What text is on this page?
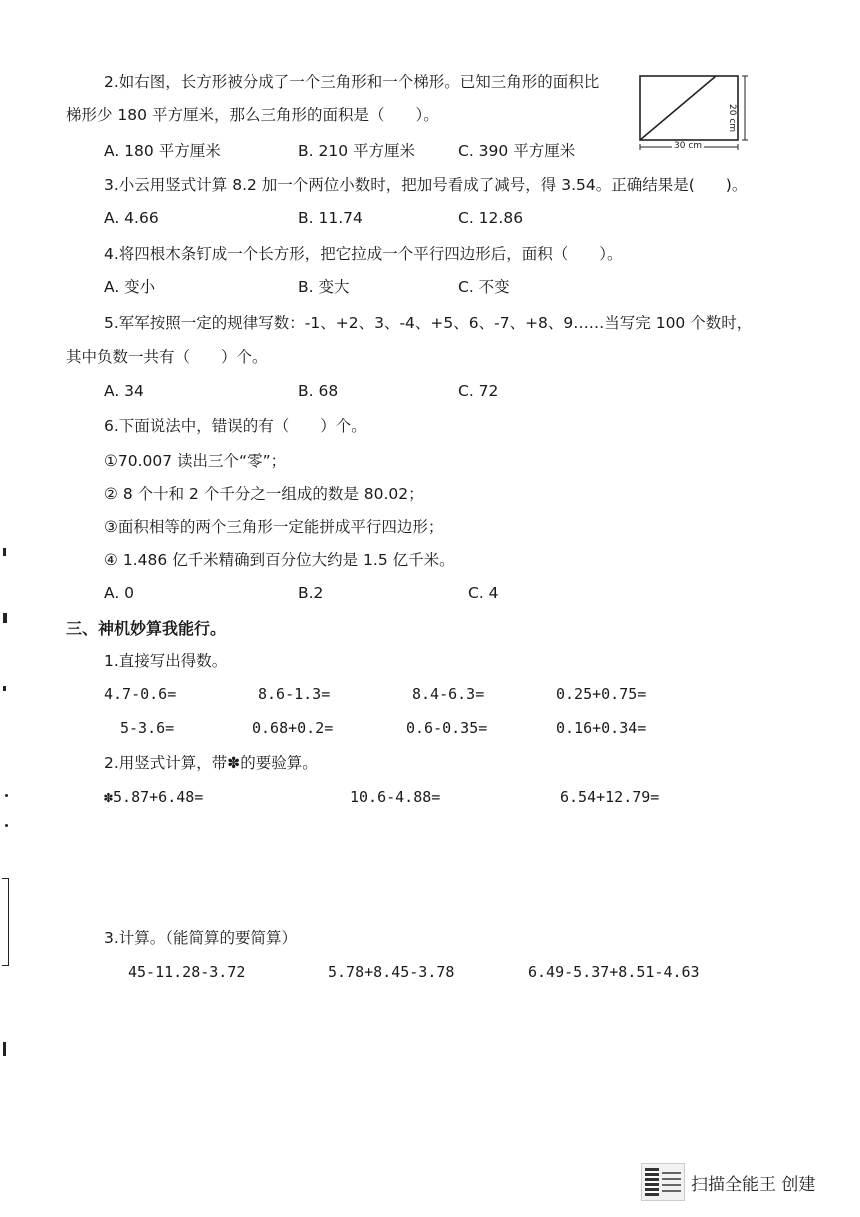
2.如右图，长方形被分成了一个三角形和一个梯形。已知三角形的面积比
梯形少 180 平方厘米，那么三角形的面积是（　　）。
A. 180 平方厘米	B. 210 平方厘米	C. 390 平方厘米	30 cm
20 cm
3.小云用竖式计算 8.2 加一个两位小数时，把加号看成了减号，得 3.54。正确结果是(　　)。
A. 4.66	B. 11.74	C. 12.86
4.将四根木条钉成一个长方形，把它拉成一个平行四边形后，面积（　　）。
A. 变小	B. 变大	C. 不变
5.军军按照一定的规律写数：-1、+2、3、-4、+5、6、-7、+8、9……当写完 100 个数时，
其中负数一共有（　　）个。
A. 34	B. 68	C. 72
6.下面说法中，错误的有（　　）个。
①70.007 读出三个“零”；
② 8 个十和 2 个千分之一组成的数是 80.02；
③面积相等的两个三角形一定能拼成平行四边形；
④ 1.486 亿千米精确到百分位大约是 1.5 亿千米。
A. 0	B.2	C. 4
三、神机妙算我能行。
1.直接写出得数。
4.7-0.6=	8.6-1.3=	8.4-6.3=	0.25+0.75=
5-3.6=	0.68+0.2=	0.6-0.35=	0.16+0.34=
2.用竖式计算，带✽的要验算。
✽5.87+6.48=	10.6-4.88=	6.54+12.79=
3.计算。（能简算的要简算）
45-11.28-3.72	5.78+8.45-3.78	6.49-5.37+8.51-4.63
扫描全能王 创建
